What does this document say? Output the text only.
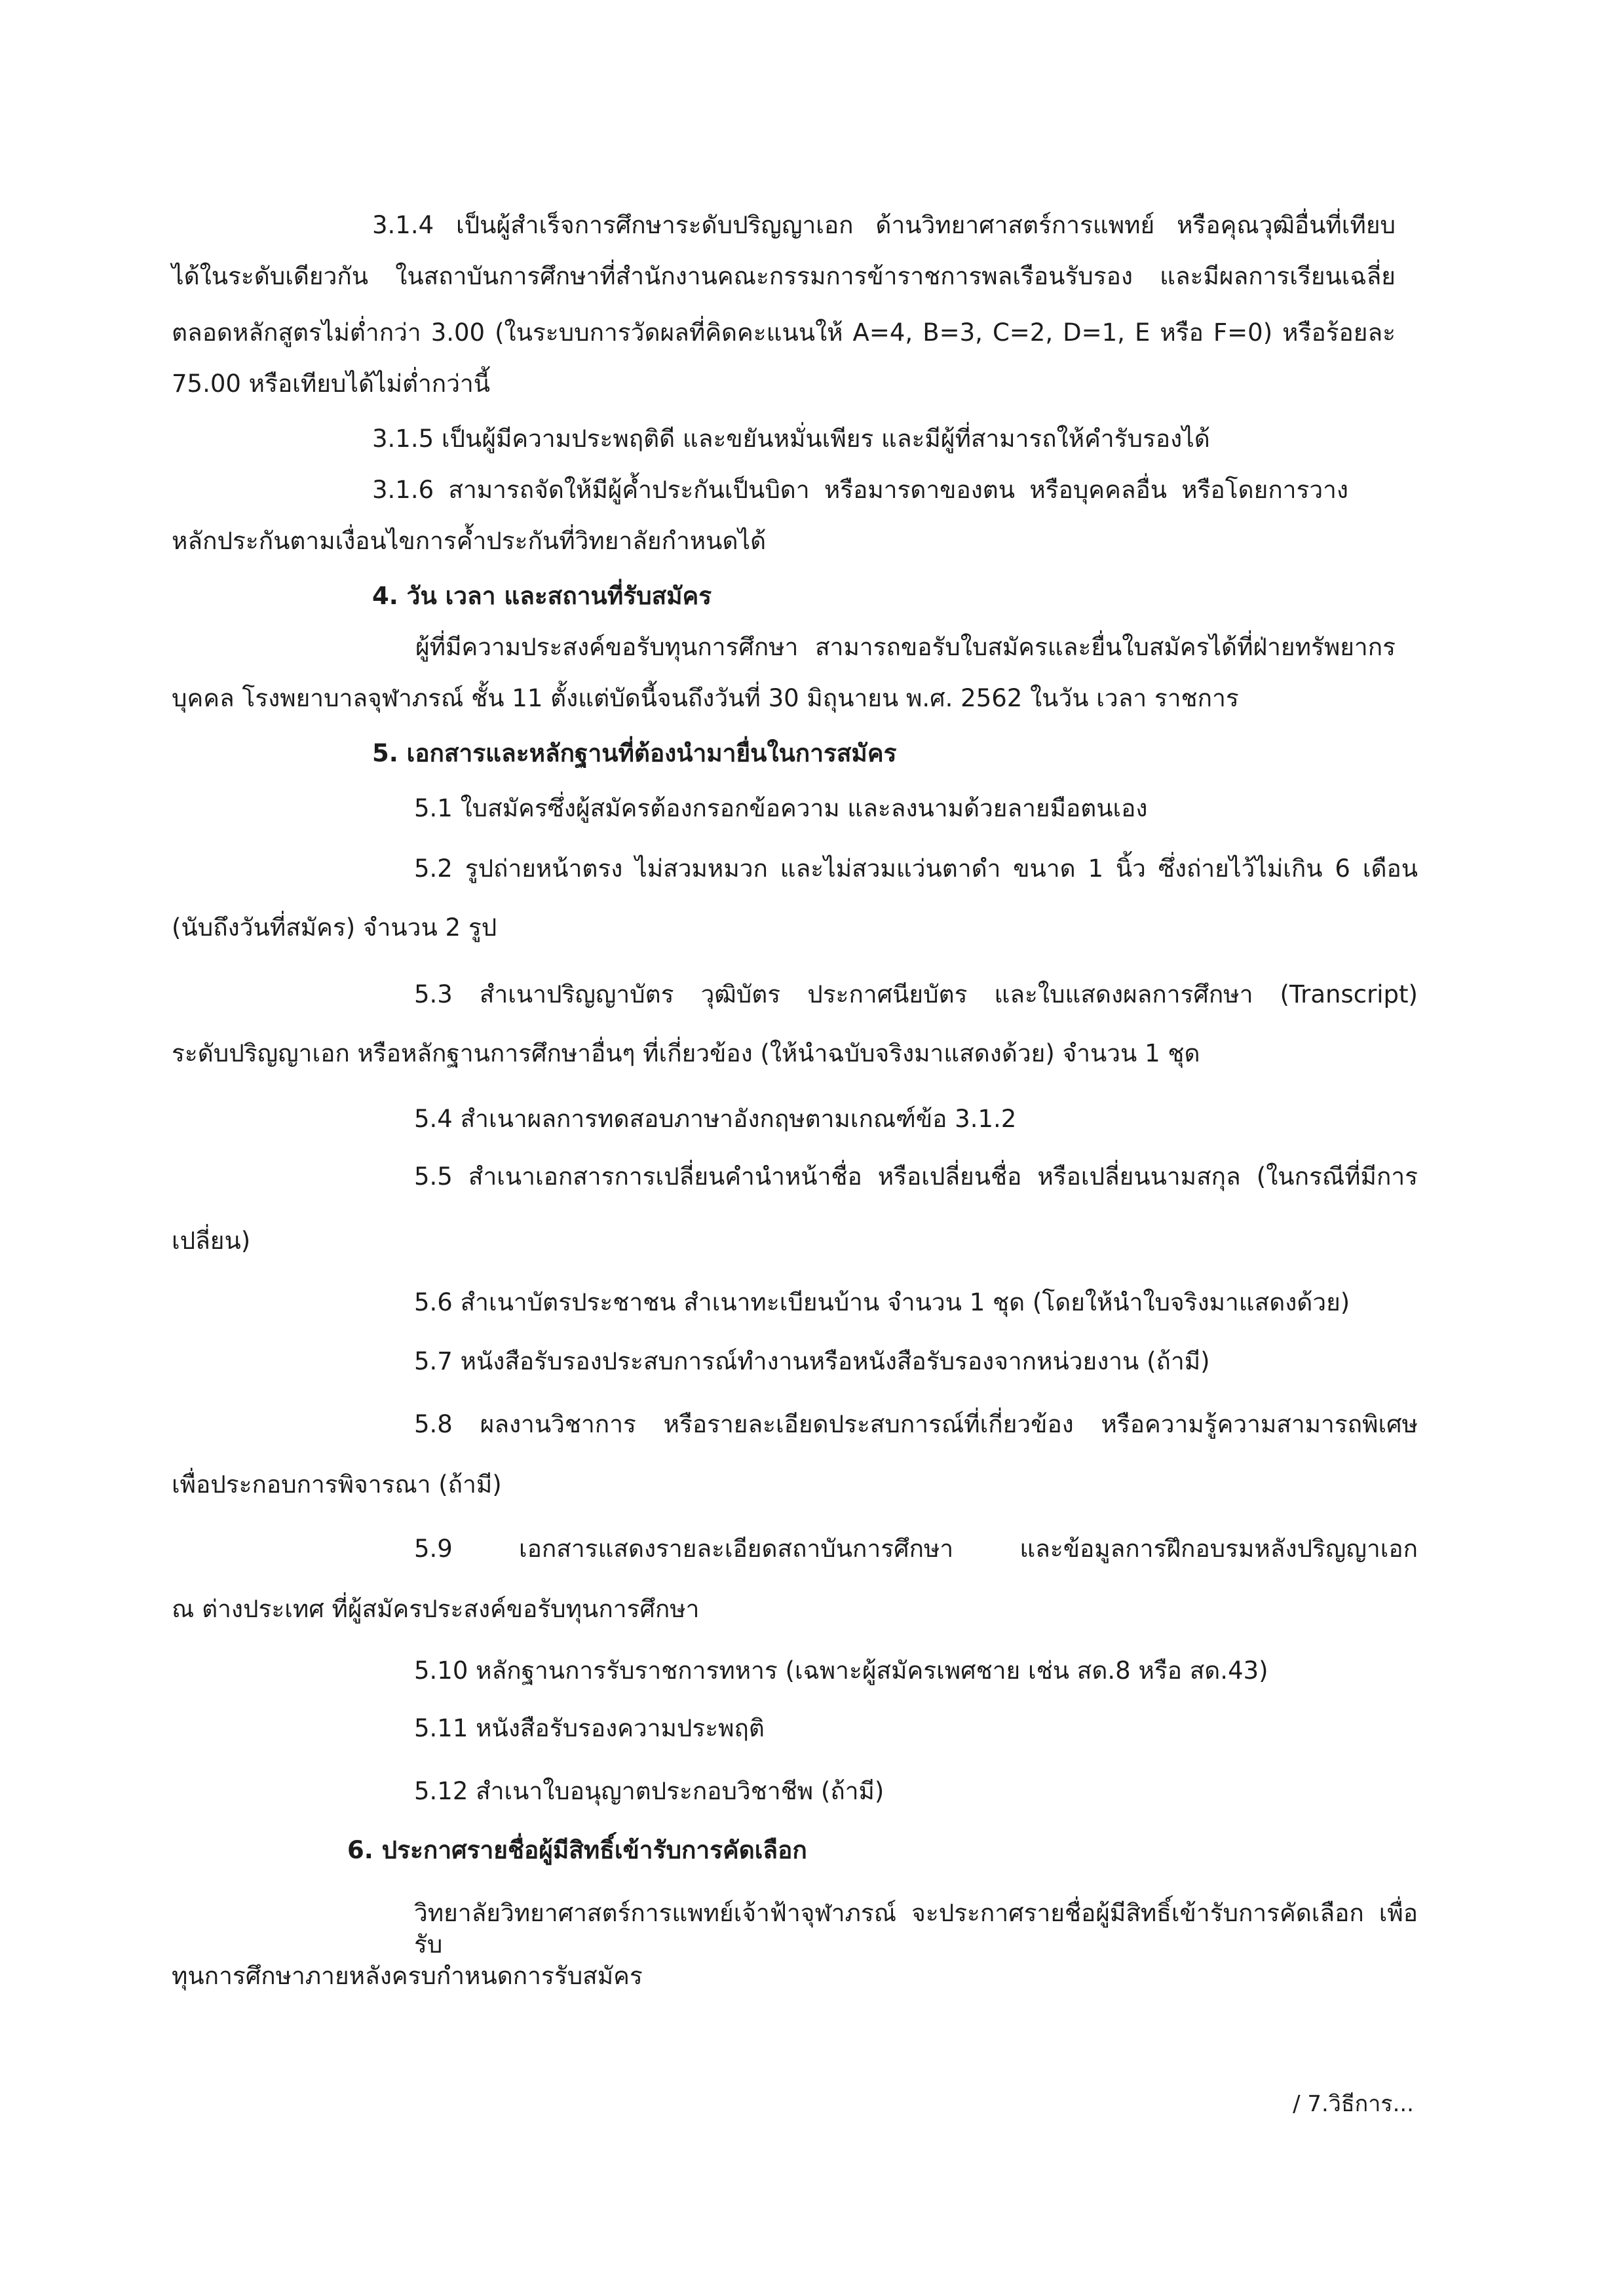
3.1.4 เป็นผู้สำเร็จการศึกษาระดับปริญญาเอก ด้านวิทยาศาสตร์การแพทย์ หรือคุณวุฒิอื่นที่เทียบ
ได้ในระดับเดียวกัน ในสถาบันการศึกษาที่สำนักงานคณะกรรมการข้าราชการพลเรือนรับรอง และมีผลการเรียนเฉลี่ย
ตลอดหลักสูตรไม่ต่ำกว่า 3.00 (ในระบบการวัดผลที่คิดคะแนนให้ A=4, B=3, C=2, D=1, E หรือ F=0) หรือร้อยละ
75.00 หรือเทียบได้ไม่ต่ำกว่านี้
3.1.5 เป็นผู้มีความประพฤติดี และขยันหมั่นเพียร และมีผู้ที่สามารถให้คำรับรองได้
3.1.6 สามารถจัดให้มีผู้ค้ำประกันเป็นบิดา หรือมารดาของตน หรือบุคคลอื่น หรือโดยการวาง
หลักประกันตามเงื่อนไขการค้ำประกันที่วิทยาลัยกำหนดได้
4. วัน เวลา และสถานที่รับสมัคร
ผู้ที่มีความประสงค์ขอรับทุนการศึกษา สามารถขอรับใบสมัครและยื่นใบสมัครได้ที่ฝ่ายทรัพยากร
บุคคล โรงพยาบาลจุฬาภรณ์ ชั้น 11 ตั้งแต่บัดนี้จนถึงวันที่ 30 มิถุนายน พ.ศ. 2562 ในวัน เวลา ราชการ
5. เอกสารและหลักฐานที่ต้องนำมายื่นในการสมัคร
5.1 ใบสมัครซึ่งผู้สมัครต้องกรอกข้อความ และลงนามด้วยลายมือตนเอง
5.2 รูปถ่ายหน้าตรง ไม่สวมหมวก และไม่สวมแว่นตาดำ ขนาด 1 นิ้ว ซึ่งถ่ายไว้ไม่เกิน 6 เดือน
(นับถึงวันที่สมัคร) จำนวน 2 รูป
5.3 สำเนาปริญญาบัตร วุฒิบัตร ประกาศนียบัตร และใบแสดงผลการศึกษา (Transcript)
ระดับปริญญาเอก หรือหลักฐานการศึกษาอื่นๆ ที่เกี่ยวข้อง (ให้นำฉบับจริงมาแสดงด้วย) จำนวน 1 ชุด
5.4 สำเนาผลการทดสอบภาษาอังกฤษตามเกณฑ์ข้อ 3.1.2
5.5 สำเนาเอกสารการเปลี่ยนคำนำหน้าชื่อ หรือเปลี่ยนชื่อ หรือเปลี่ยนนามสกุล (ในกรณีที่มีการ
เปลี่ยน)
5.6 สำเนาบัตรประชาชน สำเนาทะเบียนบ้าน จำนวน 1 ชุด (โดยให้นำใบจริงมาแสดงด้วย)
5.7 หนังสือรับรองประสบการณ์ทำงานหรือหนังสือรับรองจากหน่วยงาน (ถ้ามี)
5.8 ผลงานวิชาการ หรือรายละเอียดประสบการณ์ที่เกี่ยวข้อง หรือความรู้ความสามารถพิเศษ
เพื่อประกอบการพิจารณา (ถ้ามี)
5.9 เอกสารแสดงรายละเอียดสถาบันการศึกษา และข้อมูลการฝึกอบรมหลังปริญญาเอก
ณ ต่างประเทศ ที่ผู้สมัครประสงค์ขอรับทุนการศึกษา
5.10 หลักฐานการรับราชการทหาร (เฉพาะผู้สมัครเพศชาย เช่น สด.8 หรือ สด.43)
5.11 หนังสือรับรองความประพฤติ
5.12 สำเนาใบอนุญาตประกอบวิชาชีพ (ถ้ามี)
6. ประกาศรายชื่อผู้มีสิทธิ์เข้ารับการคัดเลือก
วิทยาลัยวิทยาศาสตร์การแพทย์เจ้าฟ้าจุฬาภรณ์ จะประกาศรายชื่อผู้มีสิทธิ์เข้ารับการคัดเลือก เพื่อรับ
ทุนการศึกษาภายหลังครบกำหนดการรับสมัคร
/ 7.วิธีการ...
